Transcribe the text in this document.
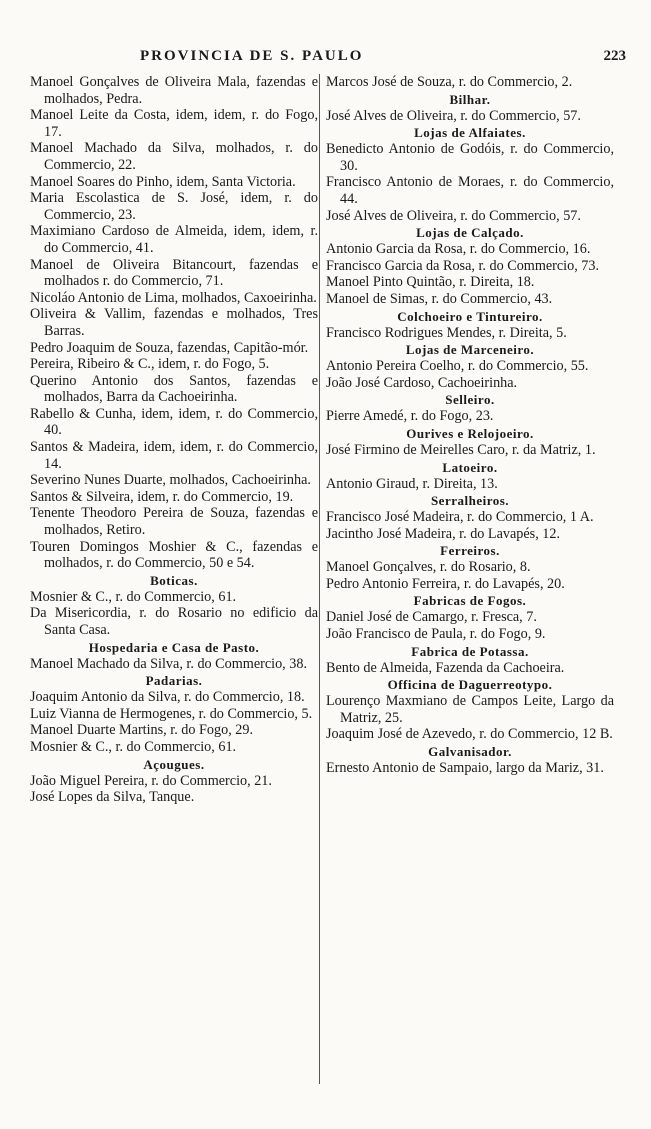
PROVINCIA DE S. PAULO	223
Manoel Gonçalves de Oliveira Mala, fazendas e molhados, Pedra.
Manoel Leite da Costa, idem, idem, r. do Fogo, 17.
Manoel Machado da Silva, molhados, r. do Commercio, 22.
Manoel Soares do Pinho, idem, Santa Victoria.
Maria Escolastica de S. José, idem, r. do Commercio, 23.
Maximiano Cardoso de Almeida, idem, idem, r. do Commercio, 41.
Manoel de Oliveira Bitancourt, fazendas e molhados r. do Commercio, 71.
Nicoláo Antonio de Lima, molhados, Caxoeirinha.
Oliveira & Vallim, fazendas e molhados, Tres Barras.
Pedro Joaquim de Souza, fazendas, Capitão-mór.
Pereira, Ribeiro & C., idem, r. do Fogo, 5.
Querino Antonio dos Santos, fazendas e molhados, Barra da Cachoeirinha.
Rabello & Cunha, idem, idem, r. do Commercio, 40.
Santos & Madeira, idem, idem, r. do Commercio, 14.
Severino Nunes Duarte, molhados, Cachoeirinha.
Santos & Silveira, idem, r. do Commercio, 19.
Tenente Theodoro Pereira de Souza, fazendas e molhados, Retiro.
Touren Domingos Moshier & C., fazendas e molhados, r. do Commercio, 50 e 54.
Boticas.
Mosnier & C., r. do Commercio, 61.
Da Misericordia, r. do Rosario no edificio da Santa Casa.
Hospedaria e Casa de Pasto.
Manoel Machado da Silva, r. do Commercio, 38.
Padarias.
Joaquim Antonio da Silva, r. do Commercio, 18.
Luiz Vianna de Hermogenes, r. do Commercio, 5.
Manoel Duarte Martins, r. do Fogo, 29.
Mosnier & C., r. do Commercio, 61.
Açougues.
João Miguel Pereira, r. do Commercio, 21.
José Lopes da Silva, Tanque.
Marcos José de Souza, r. do Commercio, 2.
Bilhar.
José Alves de Oliveira, r. do Commercio, 57.
Lojas de Alfaiates.
Benedicto Antonio de Godóis, r. do Commercio, 30.
Francisco Antonio de Moraes, r. do Commercio, 44.
José Alves de Oliveira, r. do Commercio, 57.
Lojas de Calçado.
Antonio Garcia da Rosa, r. do Commercio, 16.
Francisco Garcia da Rosa, r. do Commercio, 73.
Manoel Pinto Quintão, r. Direita, 18.
Manoel de Simas, r. do Commercio, 43.
Colchoeiro e Tintureiro.
Francisco Rodrigues Mendes, r. Direita, 5.
Lojas de Marceneiro.
Antonio Pereira Coelho, r. do Commercio, 55.
João José Cardoso, Cachoeirinha.
Selleiro.
Pierre Amedé, r. do Fogo, 23.
Ourives e Relojoeiro.
José Firmino de Meirelles Caro, r. da Matriz, 1.
Latoeiro.
Antonio Giraud, r. Direita, 13.
Serralheiros.
Francisco José Madeira, r. do Commercio, 1 A.
Jacintho José Madeira, r. do Lavapés, 12.
Ferreiros.
Manoel Gonçalves, r. do Rosario, 8.
Pedro Antonio Ferreira, r. do Lavapés, 20.
Fabricas de Fogos.
Daniel José de Camargo, r. Fresca, 7.
João Francisco de Paula, r. do Fogo, 9.
Fabrica de Potassa.
Bento de Almeida, Fazenda da Cachoeira.
Officina de Daguerreotypo.
Lourenço Maxmiano de Campos Leite, Largo da Matriz, 25.
Joaquim José de Azevedo, r. do Commercio, 12 B.
Galvanisador.
Ernesto Antonio de Sampaio, largo da Mariz, 31.
